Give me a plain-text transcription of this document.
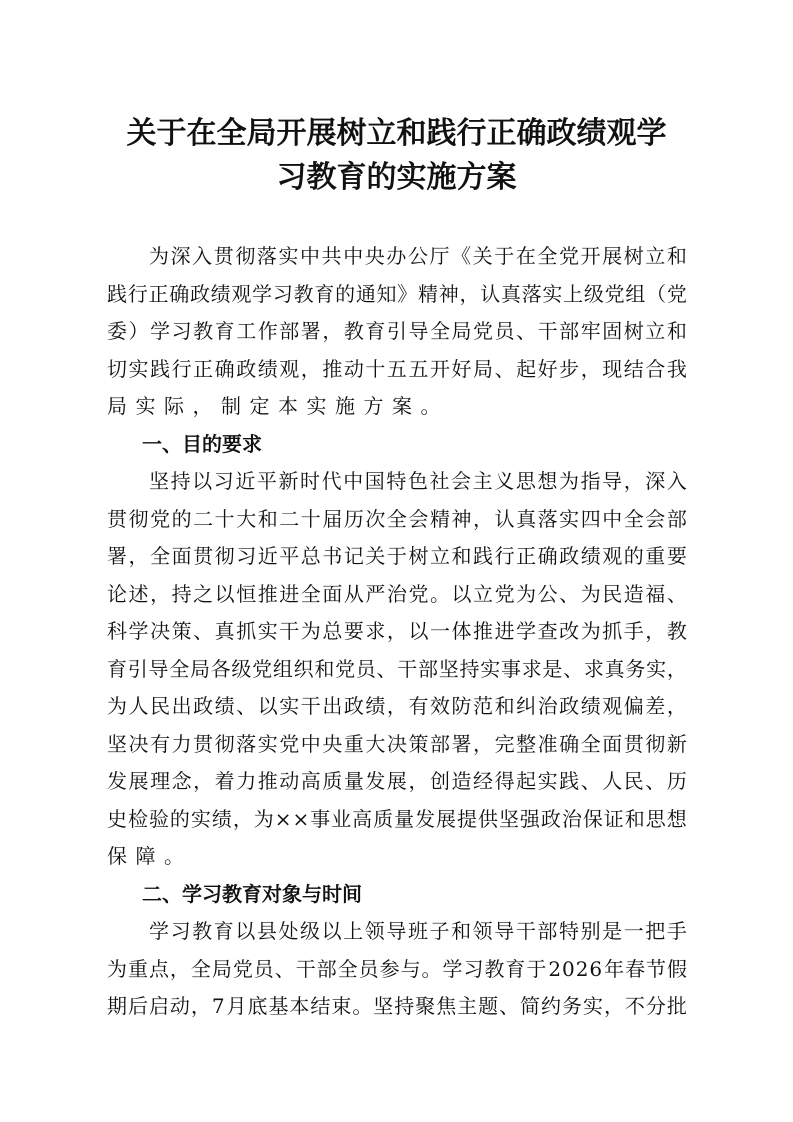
关于在全局开展树立和践行正确政绩观学
习教育的实施方案
为 深 入 贯 彻 落 实 中 共 中 央 办 公 厅 《 关 于 在 全 党 开 展 树 立 和
践 行 正 确 政 绩 观 学 习 教 育 的 通 知 》 精 神 ， 认 真 落 实 上 级 党 组 （ 党
委 ） 学 习 教 育 工 作 部 署 ， 教 育 引 导 全 局 党 员 、 干 部 牢 固 树 立 和
切 实 践 行 正 确 政 绩 观 ， 推 动 十 五 五 开 好 局 、 起 好 步 ， 现 结 合 我
局实际，制定本实施方案。
一、目的要求
坚 持 以 习 近 平 新 时 代 中 国 特 色 社 会 主 义 思 想 为 指 导 ， 深 入
贯 彻 党 的 二 十 大 和 二 十 届 历 次 全 会 精 神 ， 认 真 落 实 四 中 全 会 部
署 ， 全 面 贯 彻 习 近 平 总 书 记 关 于 树 立 和 践 行 正 确 政 绩 观 的 重 要
论 述 ， 持 之 以 恒 推 进 全 面 从 严 治 党 。 以 立 党 为 公 、 为 民 造 福 、
科 学 决 策 、 真 抓 实 干 为 总 要 求 ， 以 一 体 推 进 学 查 改 为 抓 手 ， 教
育 引 导 全 局 各 级 党 组 织 和 党 员 、 干 部 坚 持 实 事 求 是 、 求 真 务 实 ，
为 人 民 出 政 绩 、 以 实 干 出 政 绩 ， 有 效 防 范 和 纠 治 政 绩 观 偏 差 ，
坚 决 有 力 贯 彻 落 实 党 中 央 重 大 决 策 部 署 ， 完 整 准 确 全 面 贯 彻 新
发 展 理 念 ， 着 力 推 动 高 质 量 发 展 ， 创 造 经 得 起 实 践 、 人 民 、 历
史 检 验 的 实 绩 ， 为 × × 事 业 高 质 量 发 展 提 供 坚 强 政 治 保 证 和 思 想
保障。
二、学习教育对象与时间
学 习 教 育 以 县 处 级 以 上 领 导 班 子 和 领 导 干 部 特 别 是 一 把 手
为 重 点 ， 全 局 党 员 、 干 部 全 员 参 与 。 学 习 教 育 于 2 0 2 6 年 春 节 假
期 后 启 动 ， 7 月 底 基 本 结 束 。 坚 持 聚 焦 主 题 、 简 约 务 实 ， 不 分 批
